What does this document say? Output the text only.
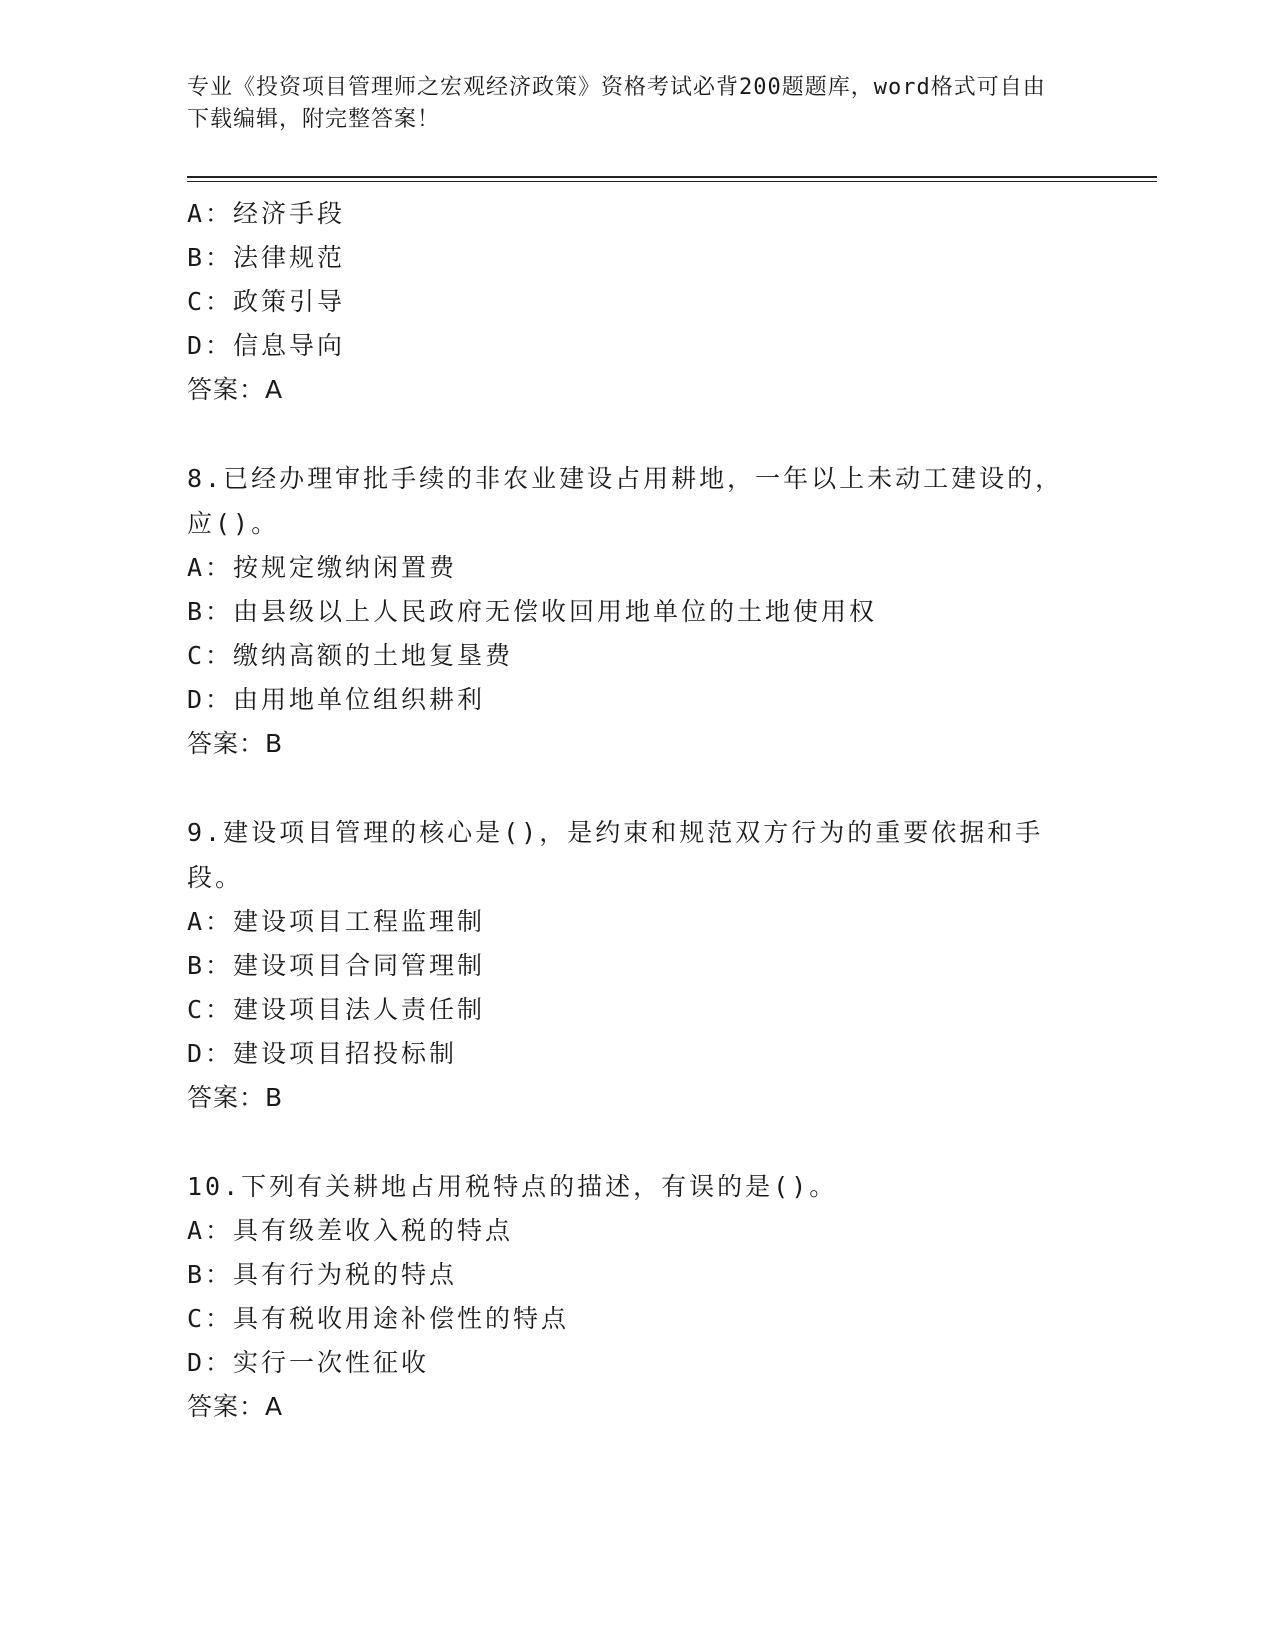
专业《投资项目管理师之宏观经济政策》资格考试必背200题题库，word格式可自由下载编辑，附完整答案！
A：经济手段
B：法律规范
C：政策引导
D：信息导向
答案：A
8.已经办理审批手续的非农业建设占用耕地，一年以上未动工建设的，应()。
A：按规定缴纳闲置费
B：由县级以上人民政府无偿收回用地单位的土地使用权
C：缴纳高额的土地复垦费
D：由用地单位组织耕利
答案：B
9.建设项目管理的核心是()，是约束和规范双方行为的重要依据和手段。
A：建设项目工程监理制
B：建设项目合同管理制
C：建设项目法人责任制
D：建设项目招投标制
答案：B
10.下列有关耕地占用税特点的描述，有误的是()。
A：具有级差收入税的特点
B：具有行为税的特点
C：具有税收用途补偿性的特点
D：实行一次性征收
答案：A
